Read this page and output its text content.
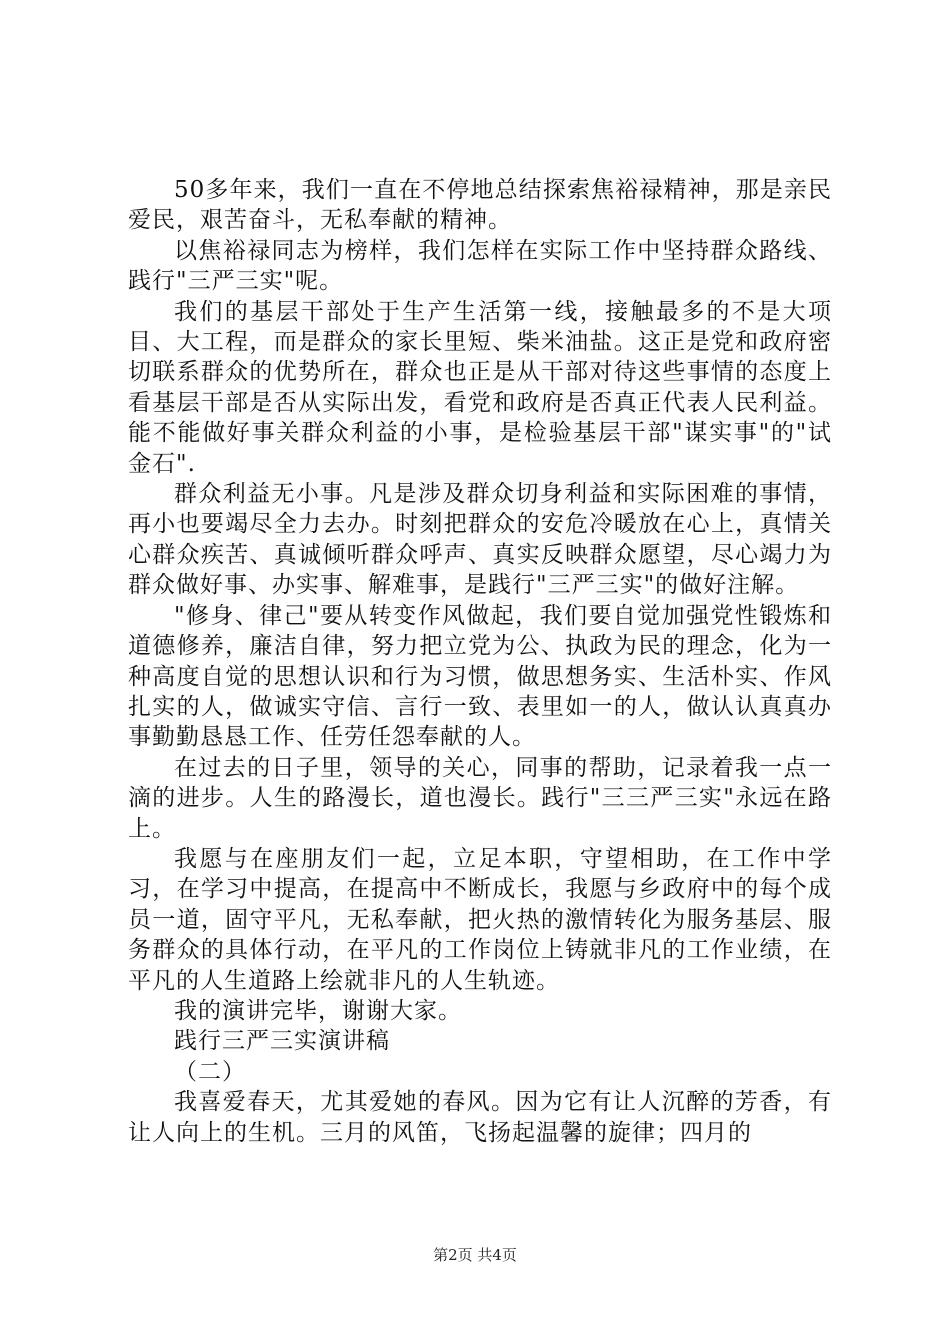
50多年来，我们一直在不停地总结探索焦裕禄精神，那是亲民爱民，艰苦奋斗，无私奉献的精神。

以焦裕禄同志为榜样，我们怎样在实际工作中坚持群众路线、践行"三严三实"呢。

我们的基层干部处于生产生活第一线，接触最多的不是大项目、大工程，而是群众的家长里短、柴米油盐。这正是党和政府密切联系群众的优势所在，群众也正是从干部对待这些事情的态度上看基层干部是否从实际出发，看党和政府是否真正代表人民利益。能不能做好事关群众利益的小事，是检验基层干部"谋实事"的"试金石".

群众利益无小事。凡是涉及群众切身利益和实际困难的事情，再小也要竭尽全力去办。时刻把群众的安危冷暖放在心上，真情关心群众疾苦、真诚倾听群众呼声、真实反映群众愿望，尽心竭力为群众做好事、办实事、解难事，是践行"三严三实"的做好注解。

"修身、律己"要从转变作风做起，我们要自觉加强党性锻炼和道德修养，廉洁自律，努力把立党为公、执政为民的理念，化为一种高度自觉的思想认识和行为习惯，做思想务实、生活朴实、作风扎实的人，做诚实守信、言行一致、表里如一的人，做认认真真办事勤勤恳恳工作、任劳任怨奉献的人。

在过去的日子里，领导的关心，同事的帮助，记录着我一点一滴的进步。人生的路漫长，道也漫长。践行"三三严三实"永远在路上。

我愿与在座朋友们一起，立足本职，守望相助，在工作中学习，在学习中提高，在提高中不断成长，我愿与乡政府中的每个成员一道，固守平凡，无私奉献，把火热的激情转化为服务基层、服务群众的具体行动，在平凡的工作岗位上铸就非凡的工作业绩，在平凡的人生道路上绘就非凡的人生轨迹。

我的演讲完毕，谢谢大家。

践行三严三实演讲稿

（二）

我喜爱春天，尤其爱她的春风。因为它有让人沉醉的芳香，有让人向上的生机。三月的风笛，飞扬起温馨的旋律；四月的

第2页 共4页
